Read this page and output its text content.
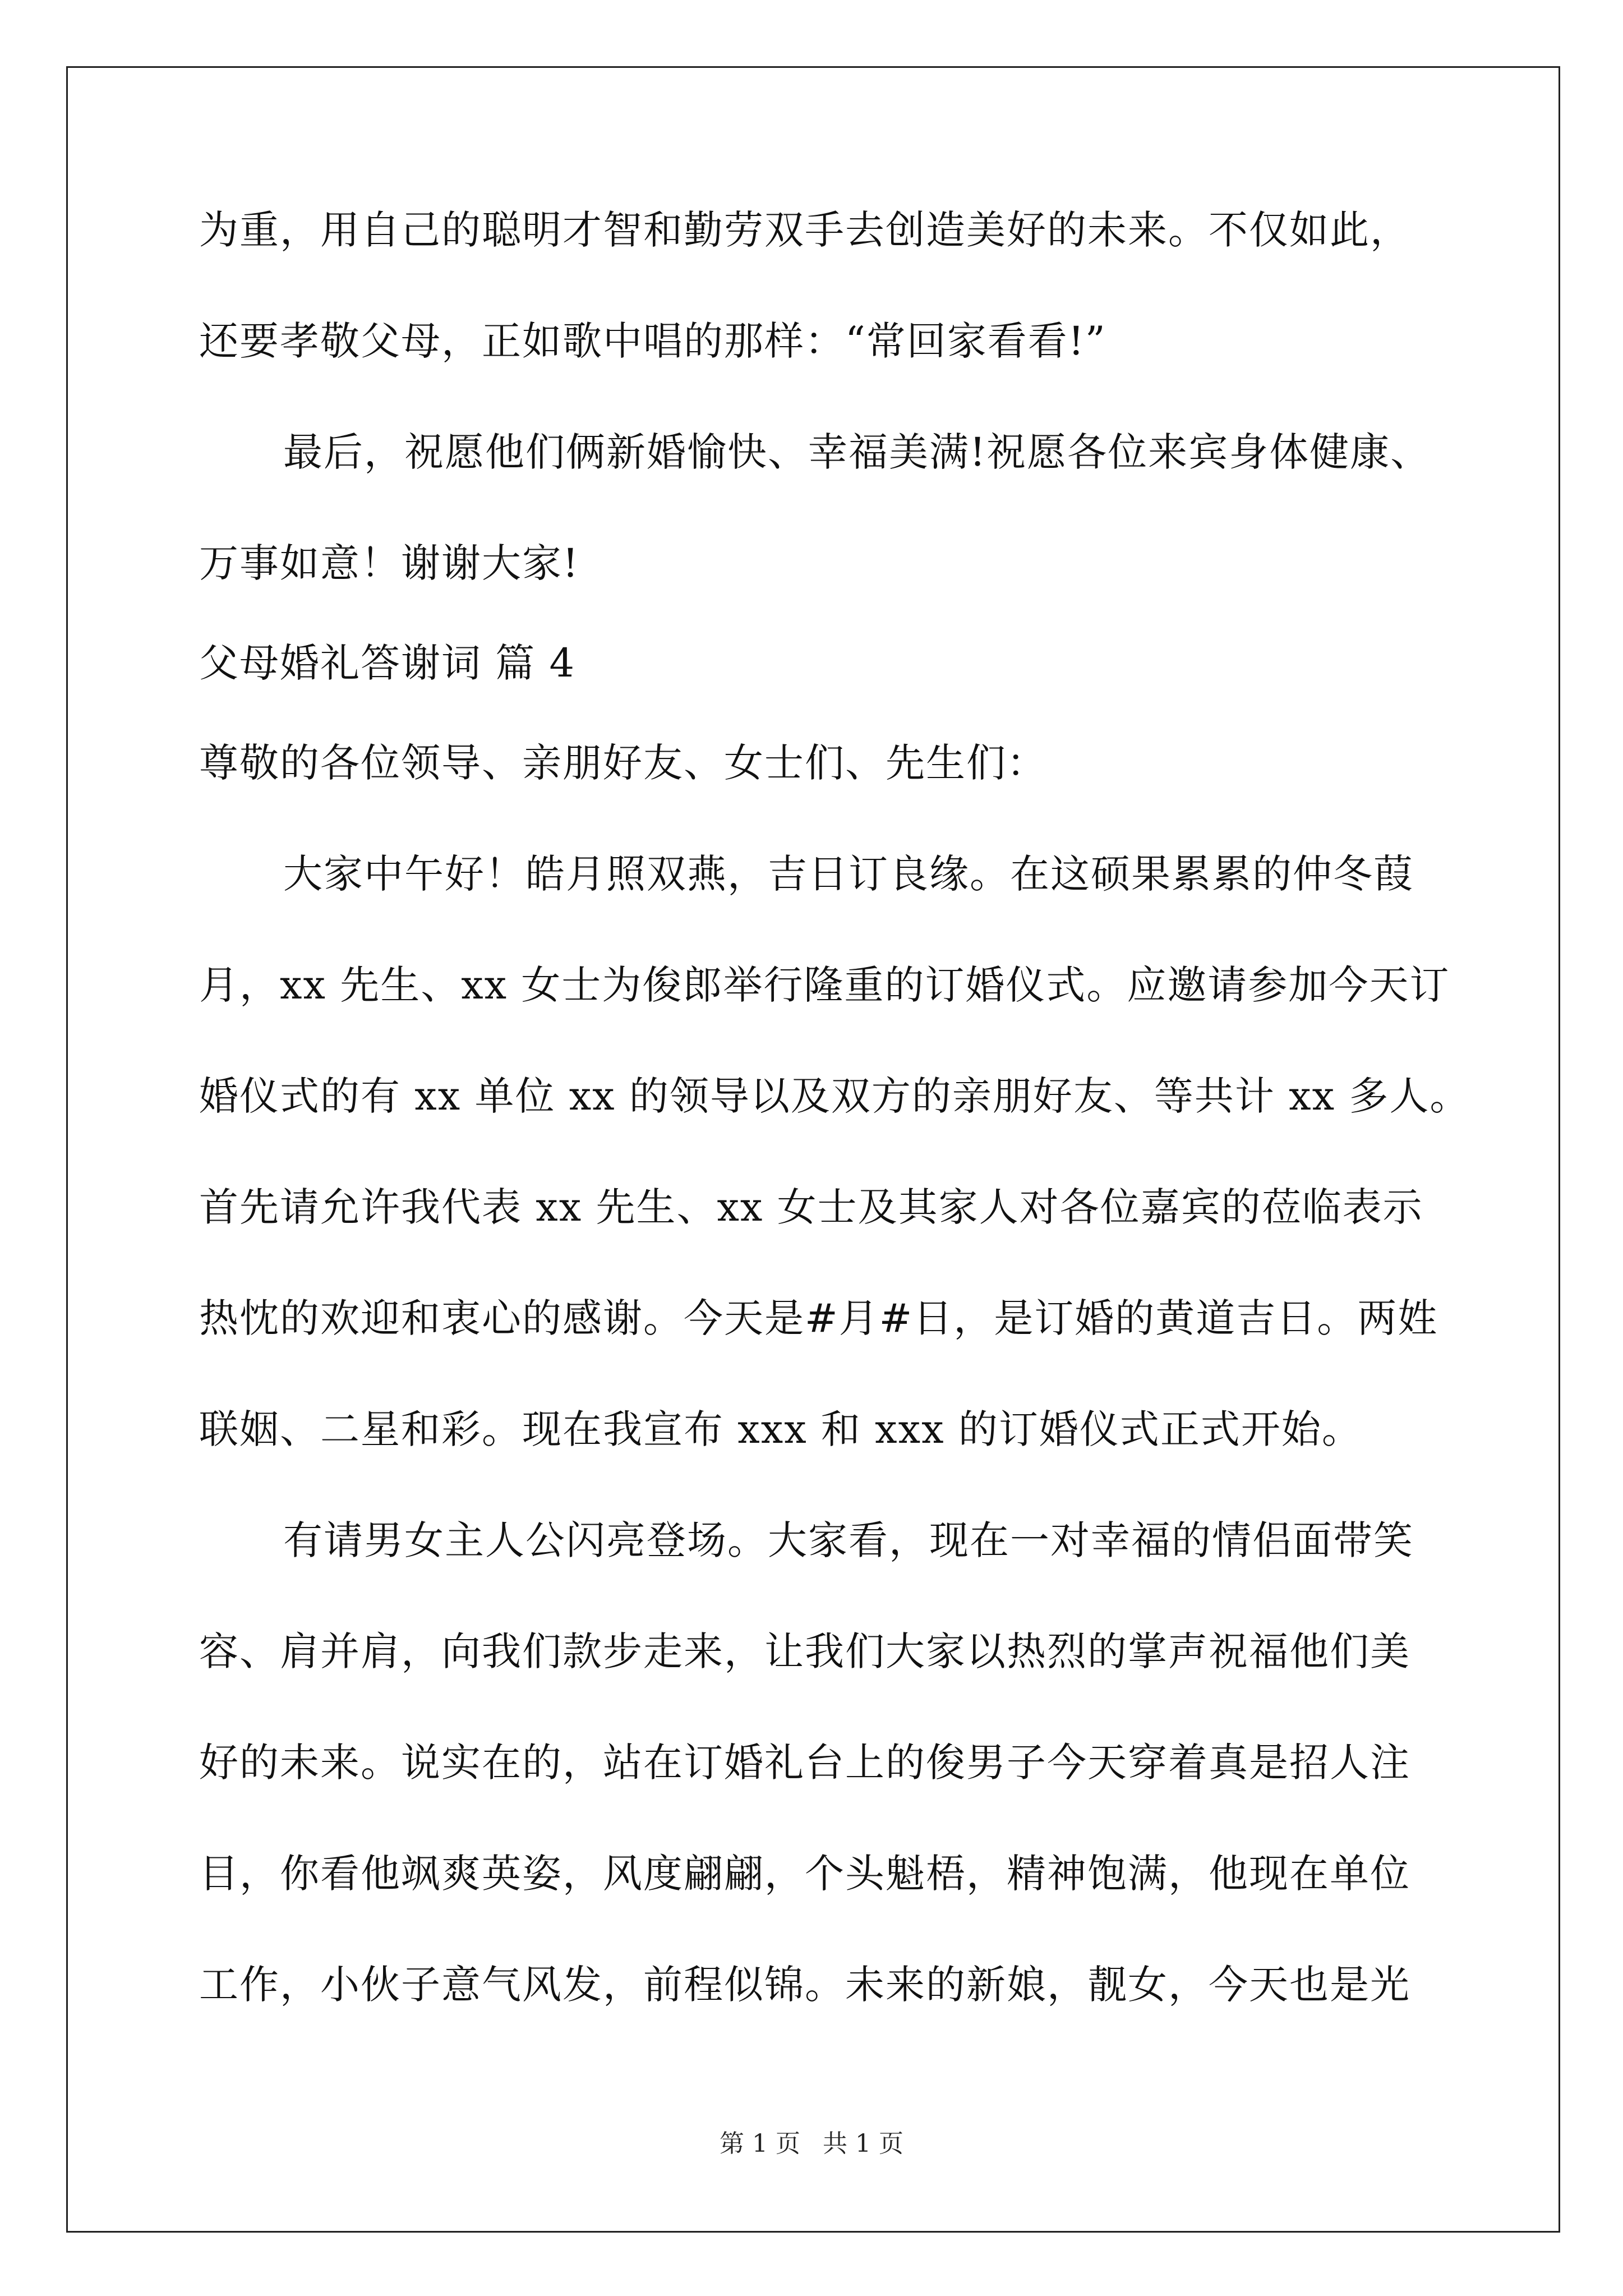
为重，用自己的聪明才智和勤劳双手去创造美好的未来。不仅如此，
还要孝敬父母，正如歌中唱的那样：“常回家看看!”
最后，祝愿他们俩新婚愉快、幸福美满!祝愿各位来宾身体健康、
万事如意！谢谢大家!
父母婚礼答谢词 篇 4
尊敬的各位领导、亲朋好友、女士们、先生们：
大家中午好！皓月照双燕，吉日订良缘。在这硕果累累的仲冬葭
月，xx 先生、xx 女士为俊郎举行隆重的订婚仪式。应邀请参加今天订
婚仪式的有 xx 单位 xx 的领导以及双方的亲朋好友、等共计 xx 多人。
首先请允许我代表 xx 先生、xx 女士及其家人对各位嘉宾的莅临表示
热忱的欢迎和衷心的感谢。今天是#月#日，是订婚的黄道吉日。两姓
联姻、二星和彩。现在我宣布 xxx 和 xxx 的订婚仪式正式开始。
有请男女主人公闪亮登场。大家看，现在一对幸福的情侣面带笑
容、肩并肩，向我们款步走来，让我们大家以热烈的掌声祝福他们美
好的未来。说实在的，站在订婚礼台上的俊男子今天穿着真是招人注
目，你看他飒爽英姿，风度翩翩，个头魁梧，精神饱满，他现在单位
工作，小伙子意气风发，前程似锦。未来的新娘，靓女，今天也是光
第 1 页 共 1 页
